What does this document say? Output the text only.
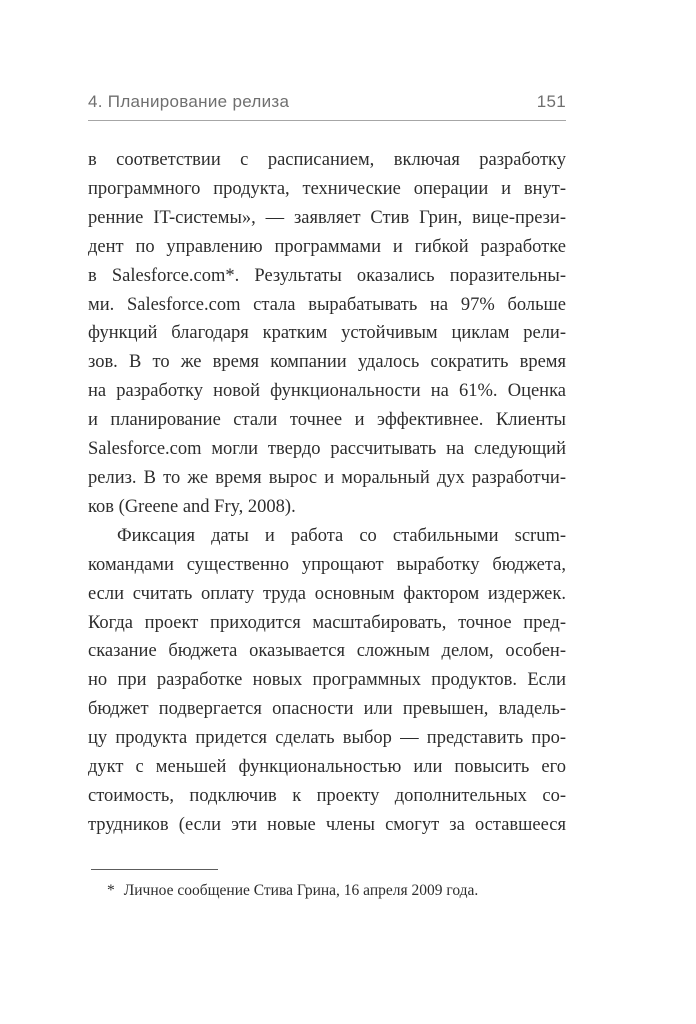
4. Планирование релиза	151
в соответствии с расписанием, включая разработку
программного продукта, технические операции и внут-
ренние IT-системы», — заявляет Стив Грин, вице-прези-
дент по управлению программами и гибкой разработке
в Salesforce.com*. Результаты оказались поразительны-
ми. Salesforce.com стала вырабатывать на 97% больше
функций благодаря кратким устойчивым циклам рели-
зов. В то же время компании удалось сократить время
на разработку новой функциональности на 61%. Оценка
и планирование стали точнее и эффективнее. Клиенты
Salesforce.com могли твердо рассчитывать на следующий
релиз. В то же время вырос и моральный дух разработчи-
ков (Greene and Fry, 2008).
Фиксация даты и работа со стабильными scrum-
командами существенно упрощают выработку бюджета,
если считать оплату труда основным фактором издержек.
Когда проект приходится масштабировать, точное пред-
сказание бюджета оказывается сложным делом, особен-
но при разработке новых программных продуктов. Если
бюджет подвергается опасности или превышен, владель-
цу продукта придется сделать выбор — представить про-
дукт с меньшей функциональностью или повысить его
стоимость, подключив к проекту дополнительных со-
трудников (если эти новые члены смогут за оставшееся
* Личное сообщение Стива Грина, 16 апреля 2009 года.
